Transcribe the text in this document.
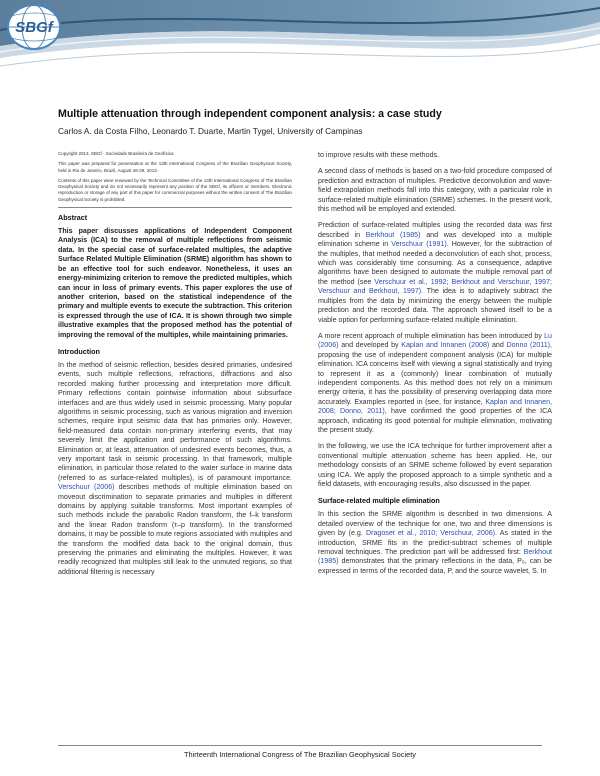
SBGf
Multiple attenuation through independent component analysis: a case study
Carlos A. da Costa Filho, Leonardo T. Duarte, Martin Tygel, University of Campinas

Copyright 2013, SBGf - Sociedade Brasileira de Geofísica

This paper was prepared for presentation at the 13th International Congress of the Brazilian Geophysical Society, held in Rio de Janeiro, Brazil, August 26-29, 2013.

Contents of this paper were reviewed by the Technical Committee of the 13th International Congress of The Brazilian Geophysical Society and do not necessarily represent any position of the SBGf, its officers or members. Electronic reproduction or storage of any part of this paper for commercial purposes without the written consent of The Brazilian Geophysical Society is prohibited.

Abstract

This paper discusses applications of Independent Component Analysis (ICA) to the removal of multiple reflections from seismic data. In the special case of surface-related multiples, the adaptive Surface Related Multiple Elimination (SRME) algorithm has shown to be an effective tool for such endeavor. Nonetheless, it uses an energy-minimizing criterion to remove the predicted multiples, which can incur in loss of primary events. This paper explores the use of another criterion, based on the statistical independence of the primary and multiple events to execute the subtraction. This criterion is expressed through the use of ICA. It is shown through two simple illustrative examples that the proposed method has the potential of improving the removal of the multiples, while maintaining primaries.

Introduction

In the method of seismic reflection, besides desired primaries, undesired events, such multiple reflections, refractions, diffractions and also recorded making further processing and interpretation more difficult. Primary reflections contain pointwise information about subsurface interfaces and are thus widely used in seismic processing. Many popular algorithms in seismic processing, such as various migration and inversion schemes, require input seismic data that has primaries only. However, field-measured data contain non-primary interfering events, that may severely limit the application and performance of such algorithms. Elimination or, at least, attenuation of undesired events becomes, thus, a very important task in seismic processing. In that framework, multiple elimination, in particular those related to the water surface in marine data (referred to as surface-related multiples), is of paramount importance. Verschuur (2006) describes methods of multiple elimination based on moveout discrimination to separate primaries and multiples in different domains by applying suitable transforms. Most important examples of such methods include the parabolic Radon transform, the f–k transform and the linear Radon transform (τ–p transform). In the transformed domains, it may be possible to mute regions associated with multiples and the transform the modified data back to the original domain, thus preserving the primaries and eliminating the multiples. However, it was readily recognized that multiples still leak to the unmuted regions, so that additional filtering is necessary

to improve results with these methods.

A second class of methods is based on a two-fold procedure composed of prediction and extraction of multiples. Predictive deconvolution and wave-field extrapolation methods fall into this category, with a particular role in surface-related multiple elimination (SRME) schemes. In the present work, this method will be employed and extended.

Prediction of surface-related multiples using the recorded data was first described in Berkhout (1985) and was developed into a multiple elimination scheme in Verschuur (1991). However, for the subtraction of the multiples, that method needed a deconvolution of each shot, process, which was considerably time consuming. As a consequence, adaptive algorithms have been designed to automate the multiple removal part of the method (see Verschuur et al., 1992; Berkhout and Verschuur, 1997; Verschuur and Berkhout, 1997). The idea is to adaptively subtract the multiples from the data by minimizing the energy between the multiple prediction and the recorded data. The approach showed itself to be a viable option for performing surface-related multiple elimination.

A more recent approach of multiple elimination has been introduced by Lu (2006) and developed by Kaplan and Innanen (2008) and Donno (2011), proposing the use of independent component analysis (ICA) for multiple elimination. ICA concerns itself with viewing a signal statistically and trying to represent it as a (commonly) linear combination of mutually independent components. As this method does not rely on a minimum energy criteria, it has the possibility of preserving overlapping data more accurately. Examples reported in (see, for instance, Kaplan and Innanen, 2008; Donno, 2011), have confirmed the good properties of the ICA approach, indicating its good potential for multiple elimination, motivating the present study.

In the following, we use the ICA technique for further improvement after a conventional multiple attenuation scheme has been applied. He, our methodology consists of an SRME scheme followed by event separation using ICA. We apply the proposed approach to a simple synthetic and a field datasets, with encouraging results, also discussed in the paper.

Surface-related multiple elimination

In this section the SRME algorithm is described in two dimensions. A detailed overview of the technique for one, two and three dimensions is given by (e.g. Dragoset et al., 2010; Verschuur, 2006). As stated in the introduction, SRME fits in the predict-subtract schemes of multiple removal techniques. The prediction part will be addressed first: Berkhout (1985) demonstrates that the primary reflections in the data, P₀, can be expressed in terms of the recorded data, P, and the source wavelet, S. In

Thirteenth International Congress of The Brazilian Geophysical Society
